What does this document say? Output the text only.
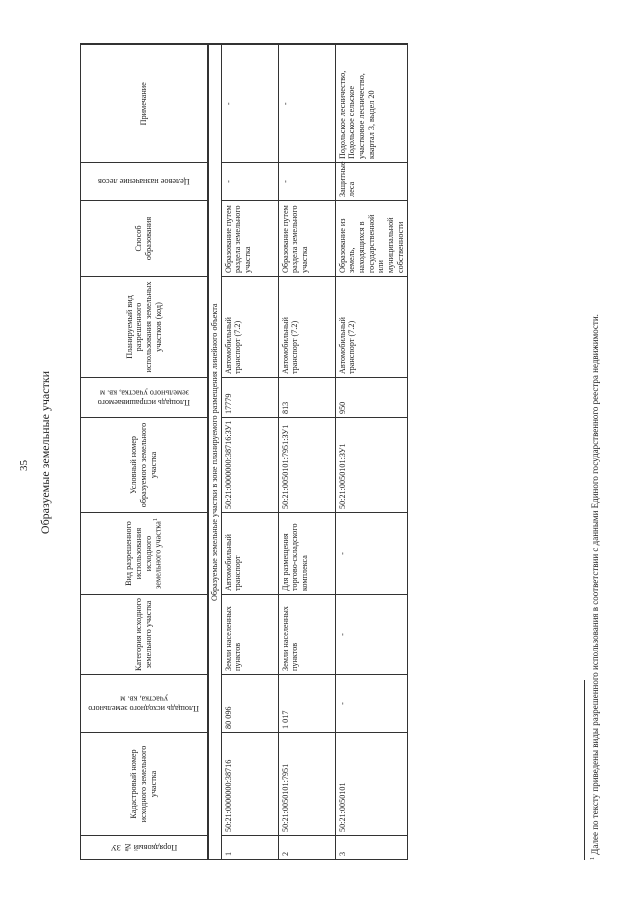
35 Образуемые земельные участки
Порядковый № ЗУ	Кадастровый номер исходного земельного участка	Площадь исходного земельного участка, кв. м	Категория исходного земельного участка	Вид разрешенного использования исходного земельного участка$^1$	Условный номер образуемого земельного участка	Площадь испрашиваемого земельного участка, кв. м	Планируемый вид разрешенного использования земельных участков (код)	Способ образования	Целевое назначение лесов	Примечание
Образуемые земельные участки в зоне планируемого размещения линейного объекта										
1	50:21:0000000:38716	80 096	Земли населенных пунктов	Автомобильный транспорт	50:21:0000000:38716:ЗУ1	17779	Автомобильный транспорт (7.2)	Образование путем раздела земельного участка	-	-
2	50:21:0050101:7951	1 017	Земли населенных пунктов	Для размещения торгово-складского комплекса	50:21:0050101:7951:ЗУ1	813	Автомобильный транспорт (7.2)	Образование путем раздела земельного участка	-	-
3	50:21:0050101	-	-	-	50:21:0050101:ЗУ1	950	Автомобильный транспорт (7.2)	Образование из земель, находящихся в государственной или муниципальной собственности	Защитные леса	Подольское лесничество, Подольское сельское участковое лесничество, квартал 3, выдел 20
$^1$ Далее по тексту приведены виды разрешенного использования в соответствии с данными Единого государственного реестра недвижимости.
